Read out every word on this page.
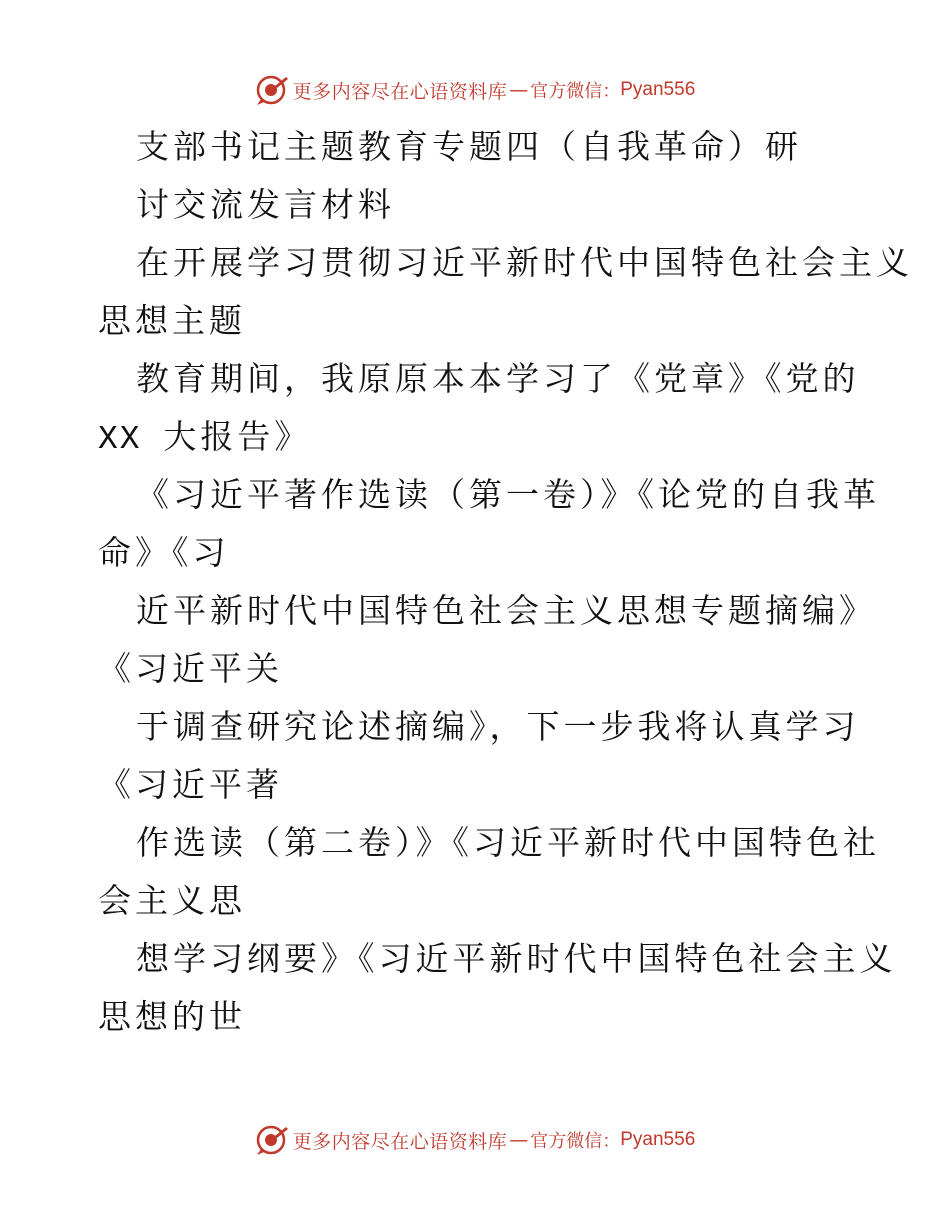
更多内容尽在心语资料库 — 官方微信： Pyan556
支部书记主题教育专题四（自我革命）研
讨交流发言材料
在开展学习贯彻习近平新时代中国特色社会主义
思想主题
教育期间，我原原本本学习了《党章》《党的
XX 大报告》
《习近平著作选读（第一卷）》《论党的自我革
命》《习
近平新时代中国特色社会主义思想专题摘编》
《习近平关
于调查研究论述摘编》，下一步我将认真学习
《习近平著
作选读（第二卷）》《习近平新时代中国特色社
会主义思
想学习纲要》《习近平新时代中国特色社会主义
思想的世
更多内容尽在心语资料库 — 官方微信： Pyan556
